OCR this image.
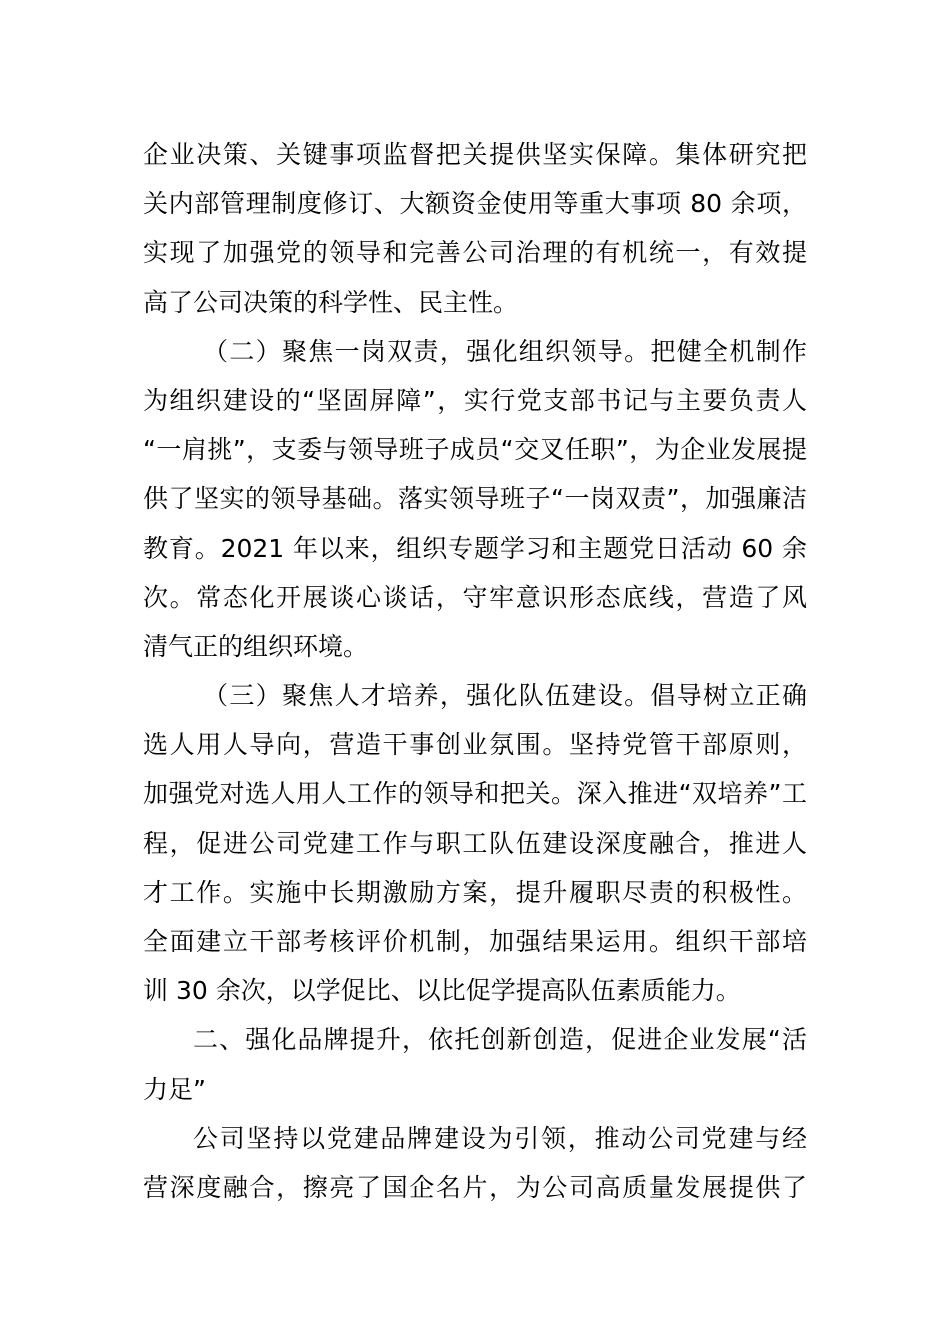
企业决策、关键事项监督把关提供坚实保障。集体研究把
关内部管理制度修订、大额资金使用等重大事项 80 余项，
实现了加强党的领导和完善公司治理的有机统一，有效提
高了公司决策的科学性、民主性。
（二）聚焦一岗双责，强化组织领导。把健全机制作
为组织建设的“坚固屏障”，实行党支部书记与主要负责人
“一肩挑”，支委与领导班子成员“交叉任职”，为企业发展提
供了坚实的领导基础。落实领导班子“一岗双责”，加强廉洁
教育。2021 年以来，组织专题学习和主题党日活动 60 余
次。常态化开展谈心谈话，守牢意识形态底线，营造了风
清气正的组织环境。
（三）聚焦人才培养，强化队伍建设。倡导树立正确
选人用人导向，营造干事创业氛围。坚持党管干部原则，
加强党对选人用人工作的领导和把关。深入推进“双培养”工
程，促进公司党建工作与职工队伍建设深度融合，推进人
才工作。实施中长期激励方案，提升履职尽责的积极性。
全面建立干部考核评价机制，加强结果运用。组织干部培
训 30 余次，以学促比、以比促学提高队伍素质能力。
二、强化品牌提升，依托创新创造，促进企业发展“活
力足”
公司坚持以党建品牌建设为引领，推动公司党建与经
营深度融合，擦亮了国企名片，为公司高质量发展提供了
